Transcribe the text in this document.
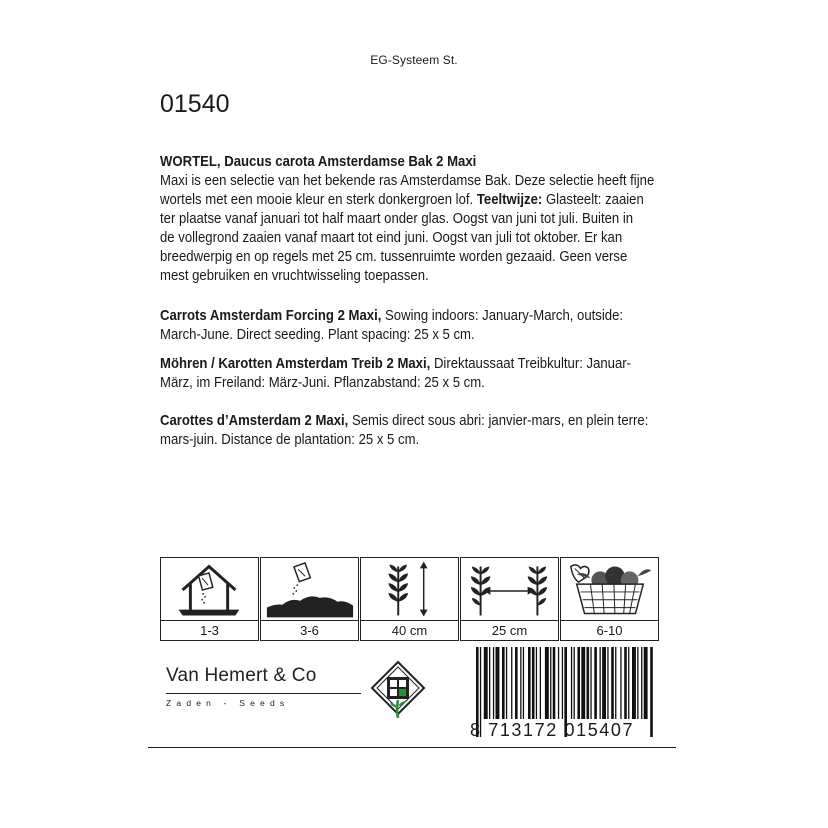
EG-Systeem St.
01540
WORTEL, Daucus carota Amsterdamse Bak 2 Maxi
Maxi is een selectie van het bekende ras Amsterdamse Bak. Deze selectie heeft fijne
wortels met een mooie kleur en sterk donkergroen lof. Teeltwijze: Glasteelt: zaaien
ter plaatse vanaf januari tot half maart onder glas. Oogst van juni tot juli. Buiten in
de vollegrond zaaien vanaf maart tot eind juni. Oogst van juli tot oktober. Er kan
breedwerpig en op regels met 25 cm. tussenruimte worden gezaaid. Geen verse
mest gebruiken en vruchtwisseling toepassen.
Carrots Amsterdam Forcing 2 Maxi, Sowing indoors: January-March, outside:
March-June. Direct seeding. Plant spacing: 25 x 5 cm.
Möhren / Karotten Amsterdam Treib 2 Maxi, Direktaussaat Treibkultur: Januar-
März, im Freiland: März-Juni. Pflanzabstand: 25 x 5 cm.
Carottes d’Amsterdam 2 Maxi, Semis direct sous abri: janvier-mars, en plein terre:
mars-juin. Distance de plantation: 25 x 5 cm.
1-3	3-6	40 cm	25 cm	6-10
Van Hemert & Co
Zaden - Seeds
8 713172 015407
